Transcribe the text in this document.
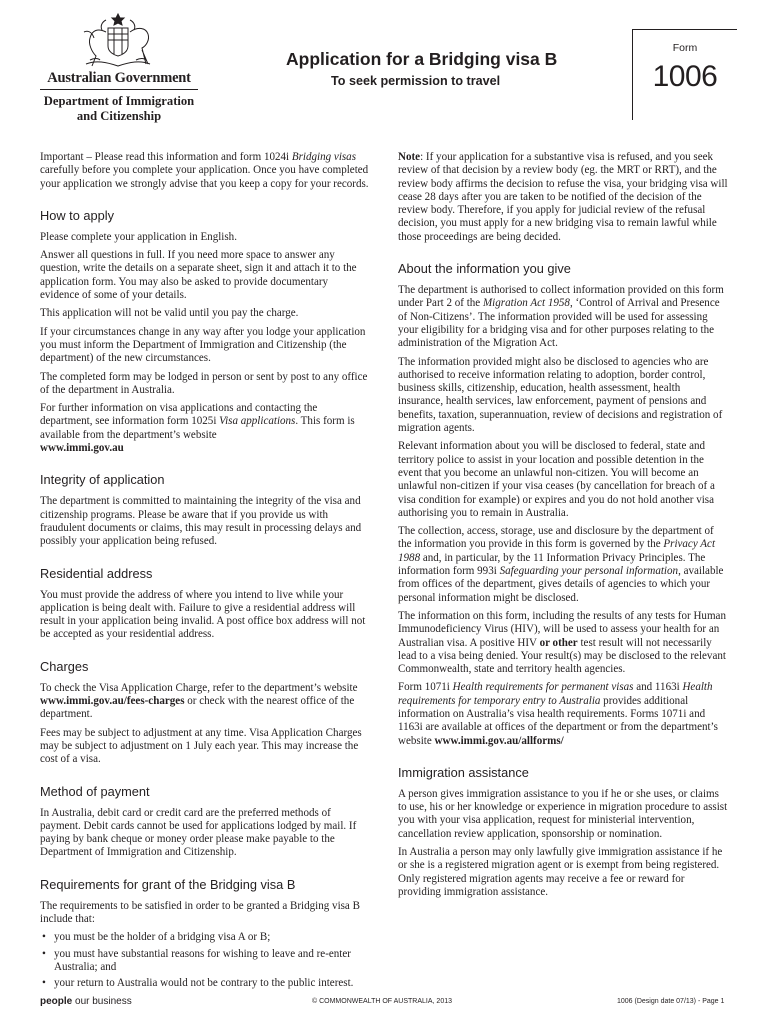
Australian Government
Department of Immigration
and Citizenship
Application for a Bridging visa B
To seek permission to travel
Form
1006

Important – Please read this information and form 1024i Bridging visas carefully before you complete your application. Once you have completed your application we strongly advise that you keep a copy for your records.

How to apply

Please complete your application in English.

Answer all questions in full. If you need more space to answer any question, write the details on a separate sheet, sign it and attach it to the application form. You may also be asked to provide documentary evidence of some of your details.

This application will not be valid until you pay the charge.

If your circumstances change in any way after you lodge your application you must inform the Department of Immigration and Citizenship (the department) of the new circumstances.

The completed form may be lodged in person or sent by post to any office of the department in Australia.

For further information on visa applications and contacting the department, see information form 1025i Visa applications. This form is available from the department’s website
www.immi.gov.au

Integrity of application

The department is committed to maintaining the integrity of the visa and citizenship programs. Please be aware that if you provide us with fraudulent documents or claims, this may result in processing delays and possibly your application being refused.

Residential address

You must provide the address of where you intend to live while your application is being dealt with. Failure to give a residential address will result in your application being invalid. A post office box address will not be accepted as your residential address.

Charges

To check the Visa Application Charge, refer to the department’s website www.immi.gov.au/fees-charges or check with the nearest office of the department.

Fees may be subject to adjustment at any time. Visa Application Charges may be subject to adjustment on 1 July each year. This may increase the cost of a visa.

Method of payment

In Australia, debit card or credit card are the preferred methods of payment. Debit cards cannot be used for applications lodged by mail. If paying by bank cheque or money order please make payable to the Department of Immigration and Citizenship.

Requirements for grant of the Bridging visa B

The requirements to be satisfied in order to be granted a Bridging visa B include that:

• you must be the holder of a bridging visa A or B;
• you must have substantial reasons for wishing to leave and re-enter Australia; and
• your return to Australia would not be contrary to the public interest.

Note: If your application for a substantive visa is refused, and you seek review of that decision by a review body (eg. the MRT or RRT), and the review body affirms the decision to refuse the visa, your bridging visa will cease 28 days after you are taken to be notified of the decision of the review body. Therefore, if you apply for judicial review of the refusal decision, you must apply for a new bridging visa to remain lawful while those proceedings are being decided.

About the information you give

The department is authorised to collect information provided on this form under Part 2 of the Migration Act 1958, ‘Control of Arrival and Presence of Non-Citizens’. The information provided will be used for assessing your eligibility for a bridging visa and for other purposes relating to the administration of the Migration Act.

The information provided might also be disclosed to agencies who are authorised to receive information relating to adoption, border control, business skills, citizenship, education, health assessment, health insurance, health services, law enforcement, payment of pensions and benefits, taxation, superannuation, review of decisions and registration of migration agents.

Relevant information about you will be disclosed to federal, state and territory police to assist in your location and possible detention in the event that you become an unlawful non-citizen. You will become an unlawful non-citizen if your visa ceases (by cancellation for breach of a visa condition for example) or expires and you do not hold another visa authorising you to remain in Australia.

The collection, access, storage, use and disclosure by the department of the information you provide in this form is governed by the Privacy Act 1988 and, in particular, by the 11 Information Privacy Principles. The information form 993i Safeguarding your personal information, available from offices of the department, gives details of agencies to which your personal information might be disclosed.

The information on this form, including the results of any tests for Human Immunodeficiency Virus (HIV), will be used to assess your health for an Australian visa. A positive HIV or other test result will not necessarily lead to a visa being denied. Your result(s) may be disclosed to the relevant Commonwealth, state and territory health agencies.

Form 1071i Health requirements for permanent visas and 1163i Health requirements for temporary entry to Australia provides additional information on Australia’s visa health requirements. Forms 1071i and 1163i are available at offices of the department or from the department’s website www.immi.gov.au/allforms/

Immigration assistance

A person gives immigration assistance to you if he or she uses, or claims to use, his or her knowledge or experience in migration procedure to assist you with your visa application, request for ministerial intervention, cancellation review application, sponsorship or nomination.

In Australia a person may only lawfully give immigration assistance if he or she is a registered migration agent or is exempt from being registered. Only registered migration agents may receive a fee or reward for providing immigration assistance.

people our business	© COMMONWEALTH OF AUSTRALIA, 2013	1006 (Design date 07/13) - Page 1
